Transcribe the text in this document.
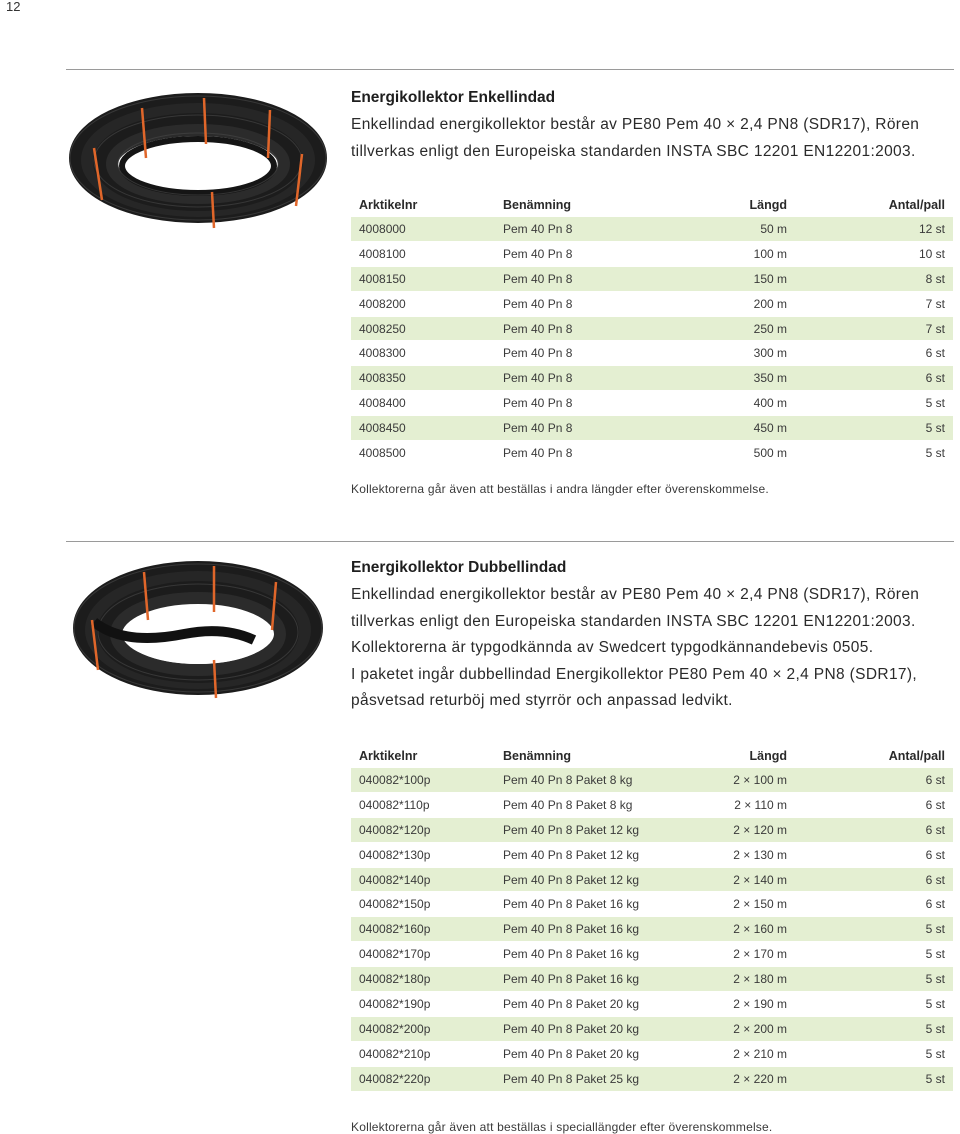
12

Energikollektor Enkellindad

Enkellindad energikollektor består av PE80 Pem 40 × 2,4 PN8 (SDR17), Rören

tillverkas enligt den Europeiska standarden INSTA SBC 12201 EN12201:2003.

Arktikelnr	Benämning	Längd	Antal/pall
4008000	Pem 40 Pn 8	50 m	12 st
4008100	Pem 40 Pn 8	100 m	10 st
4008150	Pem 40 Pn 8	150 m	8 st
4008200	Pem 40 Pn 8	200 m	7 st
4008250	Pem 40 Pn 8	250 m	7 st
4008300	Pem 40 Pn 8	300 m	6 st
4008350	Pem 40 Pn 8	350 m	6 st
4008400	Pem 40 Pn 8	400 m	5 st
4008450	Pem 40 Pn 8	450 m	5 st
4008500	Pem 40 Pn 8	500 m	5 st
Kollektorerna går även att beställas i andra längder efter överenskommelse.

Energikollektor Dubbellindad

Enkellindad energikollektor består av PE80 Pem 40 × 2,4 PN8 (SDR17), Rören

tillverkas enligt den Europeiska standarden INSTA SBC 12201 EN12201:2003.

Kollektorerna är typgodkännda av Swedcert typgodkännandebevis 0505.

I paketet ingår dubbellindad Energikollektor PE80 Pem 40 × 2,4 PN8 (SDR17),

påsvetsad returböj med styrrör och anpassad ledvikt.

Arktikelnr	Benämning	Längd	Antal/pall
040082*100p	Pem 40 Pn 8 Paket 8 kg	2 × 100 m	6 st
040082*110p	Pem 40 Pn 8 Paket 8 kg	2 × 110 m	6 st
040082*120p	Pem 40 Pn 8 Paket 12 kg	2 × 120 m	6 st
040082*130p	Pem 40 Pn 8 Paket 12 kg	2 × 130 m	6 st
040082*140p	Pem 40 Pn 8 Paket 12 kg	2 × 140 m	6 st
040082*150p	Pem 40 Pn 8 Paket 16 kg	2 × 150 m	6 st
040082*160p	Pem 40 Pn 8 Paket 16 kg	2 × 160 m	5 st
040082*170p	Pem 40 Pn 8 Paket 16 kg	2 × 170 m	5 st
040082*180p	Pem 40 Pn 8 Paket 16 kg	2 × 180 m	5 st
040082*190p	Pem 40 Pn 8 Paket 20 kg	2 × 190 m	5 st
040082*200p	Pem 40 Pn 8 Paket 20 kg	2 × 200 m	5 st
040082*210p	Pem 40 Pn 8 Paket 20 kg	2 × 210 m	5 st
040082*220p	Pem 40 Pn 8 Paket 25 kg	2 × 220 m	5 st
Kollektorerna går även att beställas i speciallängder efter överenskommelse.
